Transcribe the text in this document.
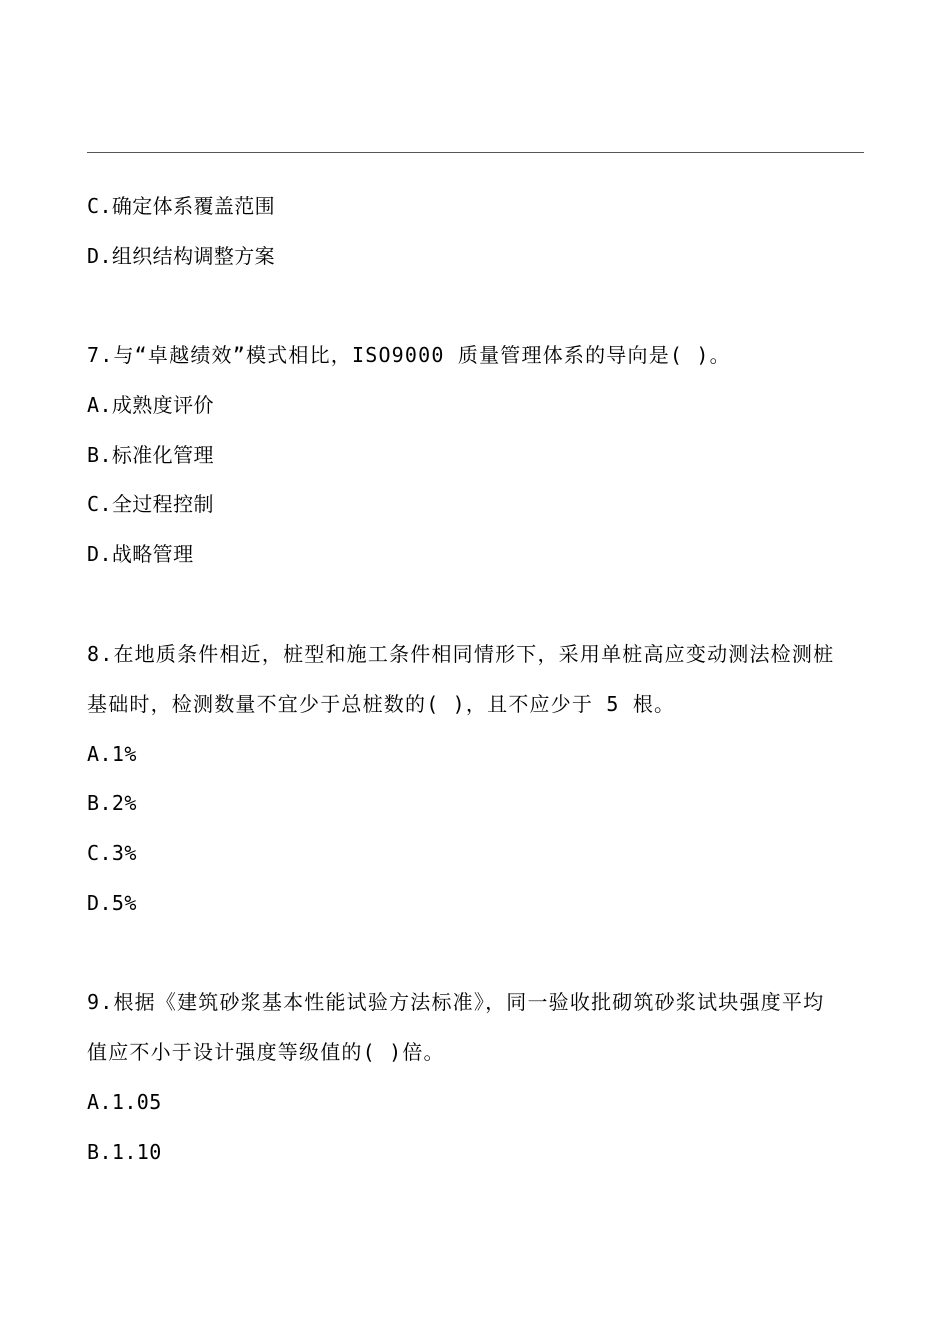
C.确定体系覆盖范围
D.组织结构调整方案
7.与“卓越绩效”模式相比，ISO9000 质量管理体系的导向是( )。
A.成熟度评价
B.标准化管理
C.全过程控制
D.战略管理
8.在地质条件相近，桩型和施工条件相同情形下，采用单桩高应变动测法检测桩
基础时，检测数量不宜少于总桩数的( )，且不应少于 5 根。
A.1%
B.2%
C.3%
D.5%
9.根据《建筑砂浆基本性能试验方法标准》，同一验收批砌筑砂浆试块强度平均
值应不小于设计强度等级值的( )倍。
A.1.05
B.1.10
